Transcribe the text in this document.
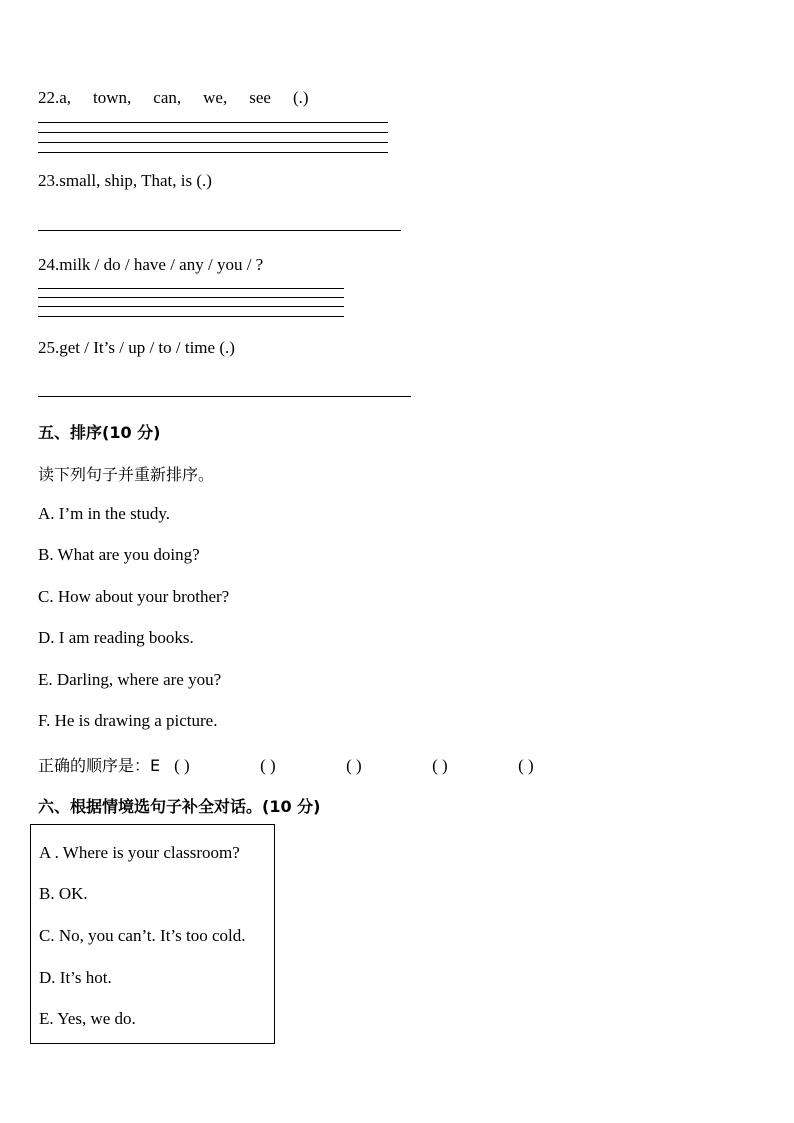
22.a, town, can, we, see (.)
23.small, ship, That, is (.)
24.milk / do / have / any / you / ?
25.get / It’s / up / to / time (.)
五、排序(10 分)
读下列句子并重新排序。
A. I’m in the study.
B. What are you doing?
C. How about your brother?
D. I am reading books.
E. Darling, where are you?
F. He is drawing a picture.
正确的顺序是：E ( )	( )	( )	( )	( )
六、根据情境选句子补全对话。(10 分)
A . Where is your classroom?
B. OK.
C. No, you can’t. It’s too cold.
D. It’s hot.
E. Yes, we do.
